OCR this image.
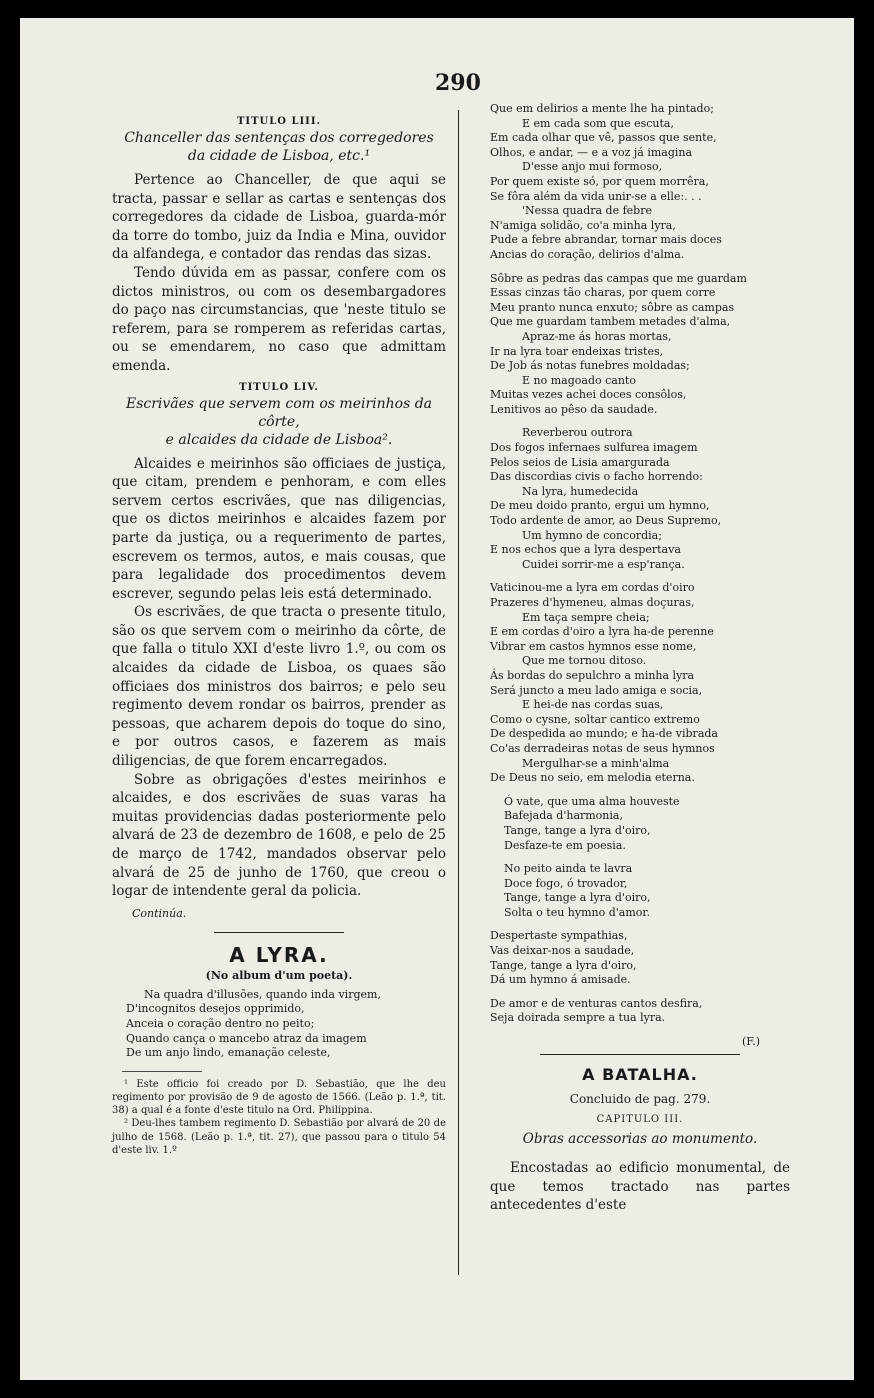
290
TITULO LIII.
Chanceller das sentenças dos corregedores
da cidade de Lisboa, etc.¹

Pertence ao Chanceller, de que aqui se tracta, passar e sellar as cartas e sentenças dos corregedores da cidade de Lisboa, guarda-mór da torre do tombo, juiz da India e Mina, ouvidor da alfandega, e contador das rendas das sizas.

Tendo dúvida em as passar, confere com os dictos ministros, ou com os desembargadores do paço nas circumstancias, que 'neste titulo se referem, para se romperem as referidas cartas, ou se emendarem, no caso que admittam emenda.

TITULO LIV.
Escrivães que servem com os meirinhos da côrte,
e alcaides da cidade de Lisboa².

Alcaides e meirinhos são officiaes de justiça, que citam, prendem e penhoram, e com elles servem certos escrivães, que nas diligencias, que os dictos meirinhos e alcaides fazem por parte da justiça, ou a requerimento de partes, escrevem os termos, autos, e mais cousas, que para legalidade dos procedimentos devem escrever, segundo pelas leis está determinado.

Os escrivães, de que tracta o presente titulo, são os que servem com o meirinho da côrte, de que falla o titulo XXI d'este livro 1.º, ou com os alcaides da cidade de Lisboa, os quaes são officiaes dos ministros dos bairros; e pelo seu regimento devem rondar os bairros, prender as pessoas, que acharem depois do toque do sino, e por outros casos, e fazerem as mais diligencias, de que forem encarregados.

Sobre as obrigações d'estes meirinhos e alcaides, e dos escrivães de suas varas ha muitas providencias dadas posteriormente pelo alvará de 23 de dezembro de 1608, e pelo de 25 de março de 1742, mandados observar pelo alvará de 25 de junho de 1760, que creou o logar de intendente geral da policia.

Continúa.
A LYRA.
(No album d'um poeta).
Na quadra d'illusões, quando inda virgem,
D'incognitos desejos opprimido,
Anceia o coração dentro no peito;
Quando cança o mancebo atraz da imagem
De um anjo lindo, emanação celeste,

¹ Este officio foi creado por D. Sebastião, que lhe deu regimento por provisão de 9 de agosto de 1566. (Leão p. 1.ª, tit. 38) a qual é a fonte d'este titulo na Ord. Philippina.

² Deu-lhes tambem regimento D. Sebastião por alvará de 20 de julho de 1568. (Leão p. 1.ª, tit. 27), que passou para o titulo 54 d'este liv. 1.º

Que em delirios a mente lhe ha pintado;
E em cada som que escuta,
Em cada olhar que vê, passos que sente,
Olhos, e andar, — e a voz já imagina
D'esse anjo mui formoso,
Por quem existe só, por quem morrêra,
Se fôra além da vida unir-se a elle:. . .
'Nessa quadra de febre
N'amiga solidão, co'a minha lyra,
Pude a febre abrandar, tornar mais doces
Ancias do coração, delirios d'alma.
Sôbre as pedras das campas que me guardam
Essas cinzas tão charas, por quem corre
Meu pranto nunca enxuto; sôbre as campas
Que me guardam tambem metades d'alma,
Apraz-me ás horas mortas,
Ir na lyra toar endeixas tristes,
De Job ás notas funebres moldadas;
E no magoado canto
Muitas vezes achei doces consôlos,
Lenitivos ao pêso da saudade.
Reverberou outrora
Dos fogos infernaes sulfurea imagem
Pelos seios de Lisia amargurada
Das discordias civis o facho horrendo:
Na lyra, humedecida
De meu doido pranto, ergui um hymno,
Todo ardente de amor, ao Deus Supremo,
Um hymno de concordia;
E nos echos que a lyra despertava
Cuidei sorrir-me a esp'rança.
Vaticinou-me a lyra em cordas d'oiro
Prazeres d'hymeneu, almas doçuras,
Em taça sempre cheia;
E em cordas d'oiro a lyra ha-de perenne
Vibrar em castos hymnos esse nome,
Que me tornou ditoso.
Ás bordas do sepulchro a minha lyra
Será juncto a meu lado amiga e socia,
E hei-de nas cordas suas,
Como o cysne, soltar cantico extremo
De despedida ao mundo; e ha-de vibrada
Co'as derradeiras notas de seus hymnos
Mergulhar-se a minh'alma
De Deus no seio, em melodia eterna.
Ó vate, que uma alma houveste
Bafejada d'harmonia,
Tange, tange a lyra d'oiro,
Desfaze-te em poesia.
No peito ainda te lavra
Doce fogo, ó trovador,
Tange, tange a lyra d'oiro,
Solta o teu hymno d'amor.
Despertaste sympathias,
Vas deixar-nos a saudade,
Tange, tange a lyra d'oiro,
Dá um hymno á amisade.
De amor e de venturas cantos desfira,
Seja doirada sempre a tua lyra.
(F.)
A BATALHA.
Concluido de pag. 279.
CAPITULO III.
Obras accessorias ao monumento.

Encostadas ao edificio monumental, de que temos tractado nas partes antecedentes d'este
